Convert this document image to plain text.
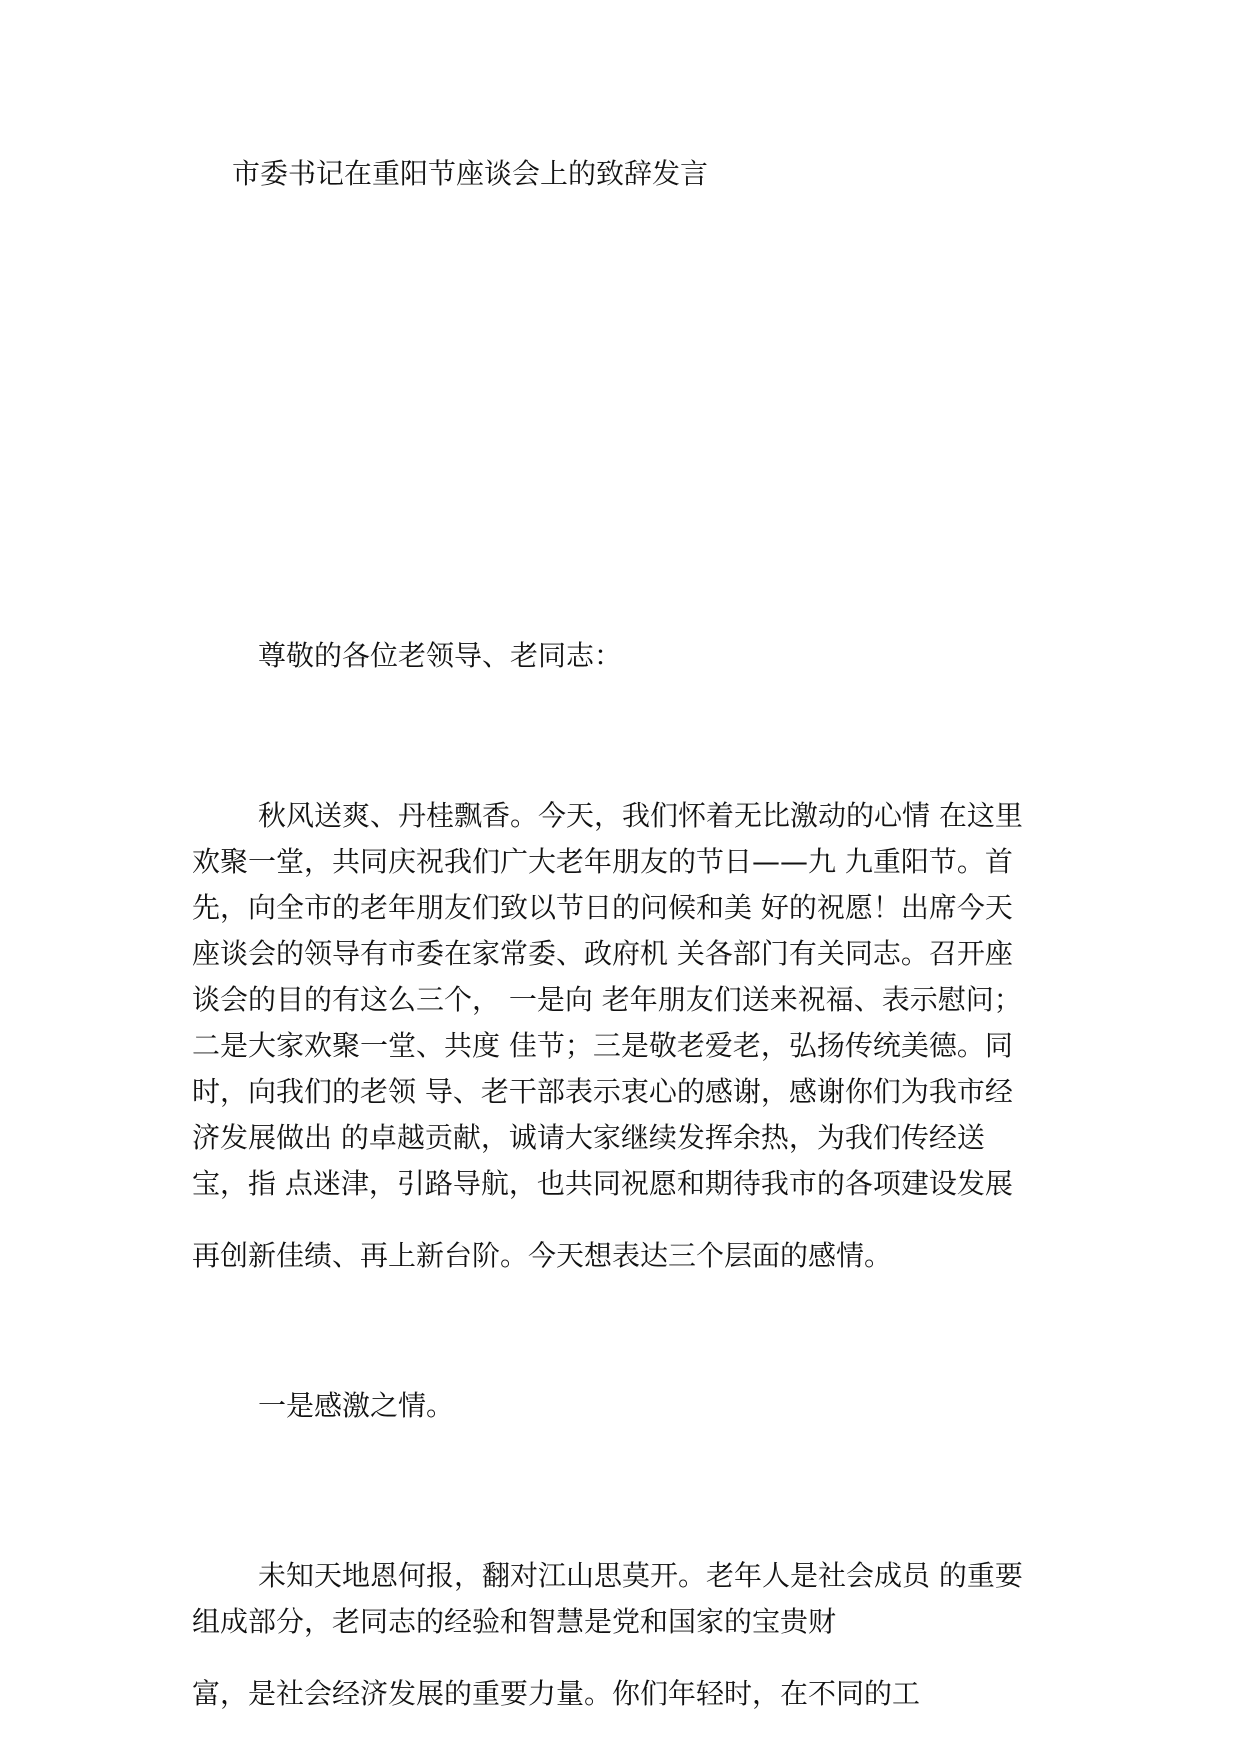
市委书记在重阳节座谈会上的致辞发言
尊敬的各位老领导、老同志：
秋风送爽、丹桂飘香。今天，我们怀着无比激动的心情 在这里
欢聚一堂，共同庆祝我们广大老年朋友的节日——九 九重阳节。首
先，向全市的老年朋友们致以节日的问候和美 好的祝愿！出席今天
座谈会的领导有市委在家常委、政府机 关各部门有关同志。召开座
谈会的目的有这么三个， 一是向 老年朋友们送来祝福、表示慰问；
二是大家欢聚一堂、共度 佳节；三是敬老爱老，弘扬传统美德。同
时，向我们的老领 导、老干部表示衷心的感谢，感谢你们为我市经
济发展做出 的卓越贡献，诚请大家继续发挥余热，为我们传经送
宝，指 点迷津，引路导航，也共同祝愿和期待我市的各项建设发展
再创新佳绩、再上新台阶。今天想表达三个层面的感情。
一是感激之情。
未知天地恩何报，翻对江山思莫开。老年人是社会成员 的重要
组成部分，老同志的经验和智慧是党和国家的宝贵财
富，是社会经济发展的重要力量。你们年轻时，在不同的工
